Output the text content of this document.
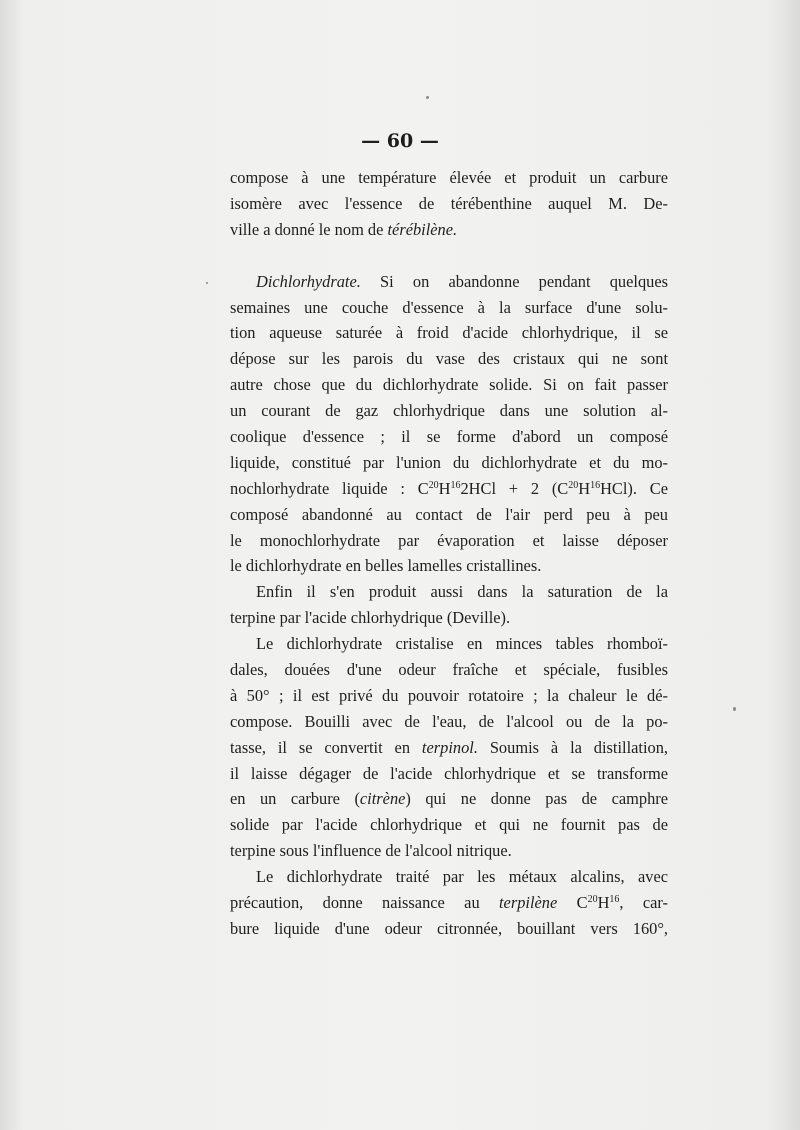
— 60 —

compose à une température élevée et produit un carbure
isomère avec l'essence de térébenthine auquel M. De-
ville a donné le nom de térébilène.

Dichlorhydrate. Si on abandonne pendant quelques
semaines une couche d'essence à la surface d'une solu-
tion aqueuse saturée à froid d'acide chlorhydrique, il se
dépose sur les parois du vase des cristaux qui ne sont
autre chose que du dichlorhydrate solide. Si on fait passer
un courant de gaz chlorhydrique dans une solution al-
coolique d'essence ; il se forme d'abord un composé
liquide, constitué par l'union du dichlorhydrate et du mo-
nochlorhydrate liquide : $C^{20}H^{16}2HCl + 2$ $(C^{20}H^{16}HCl)$. Ce
composé abandonné au contact de l'air perd peu à peu
le monochlorhydrate par évaporation et laisse déposer
le dichlorhydrate en belles lamelles cristallines.

Enfin il s'en produit aussi dans la saturation de la
terpine par l'acide chlorhydrique (Deville).

Le dichlorhydrate cristalise en minces tables rhomboï-
dales, douées d'une odeur fraîche et spéciale, fusibles
à 50° ; il est privé du pouvoir rotatoire ; la chaleur le dé-
compose. Bouilli avec de l'eau, de l'alcool ou de la po-
tasse, il se convertit en terpinol. Soumis à la distillation,
il laisse dégager de l'acide chlorhydrique et se transforme
en un carbure (citrène) qui ne donne pas de camphre
solide par l'acide chlorhydrique et qui ne fournit pas de
terpine sous l'influence de l'alcool nitrique.

Le dichlorhydrate traité par les métaux alcalins, avec
précaution, donne naissance au terpilène $C^{20}H^{16}$, car-
bure liquide d'une odeur citronnée, bouillant vers 160°,
